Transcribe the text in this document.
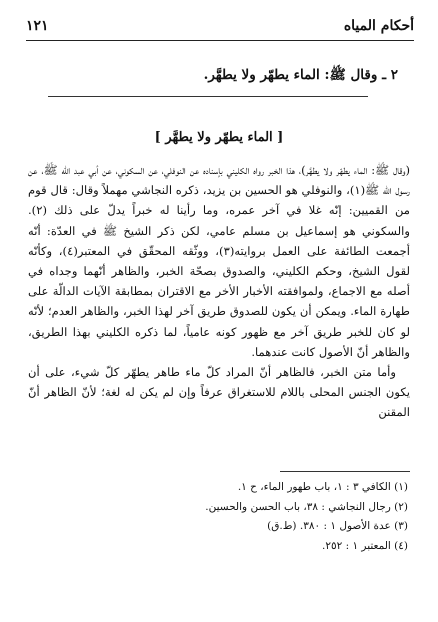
أحكام المياه
١٢١
٢ ـ وقال ﷺ: الماء يطهّر ولا يطهَّر.
[ الماء يطهّر ولا يطهَّر ]

(وقال ﷺ: الماء يطهّر ولا يطهَّر)، هذا الخبر رواه الكليني بإسناده عن النوفلي، عن السكوني، عن أبي عبد الله ﷺ، عن رسول الله ﷺ(١)، والنوفلي هو الحسين بن يزيد، ذكره النجاشي مهملاً وقال: قال قوم من القميين: إنّه غلا في آخر عمره، وما رأينا له خبراً يدلّ على ذلك (٢). والسكوني هو إسماعيل بن مسلم عامي، لكن ذكر الشيخ ﷺ في العدّة: أنّه أجمعت الطائفة على العمل بروايته(٣)، ووثّقه المحقّق في المعتبر(٤)، وكأنّه لقول الشيخ، وحكم الكليني، والصدوق بصحّة الخبر، والظاهر أنّهما وجداه في أصله مع الاجماع، ولموافقته الأخبار الأخر مع الاقتران بمطابقة الآيات الدالّة على طهارة الماء. ويمكن أن يكون للصدوق طريق آخر لهذا الخبر، والظاهر العدم؛ لأنّه لو كان للخبر طريق آخر مع ظهور كونه عامياً، لما ذكره الكليني بهذا الطريق، والظاهر أنّ الأصول كانت عندهما.

وأما متن الخبر، فالظاهر أنّ المراد كلّ ماء طاهر يطهّر كلّ شيء، على أن يكون الجنس المحلى باللام للاستغراق عرفاً وإن لم يكن له لغة؛ لأنّ الظاهر أنّ المقنن

(١) الكافي ٣ : ١، باب طهور الماء، ح ١.
(٢) رجال النجاشي : ٣٨، باب الحسن والحسين.
(٣) عدة الأصول ١ : ٣٨٠. (ط.ق)
(٤) المعتبر ١ : ٢٥٢.
